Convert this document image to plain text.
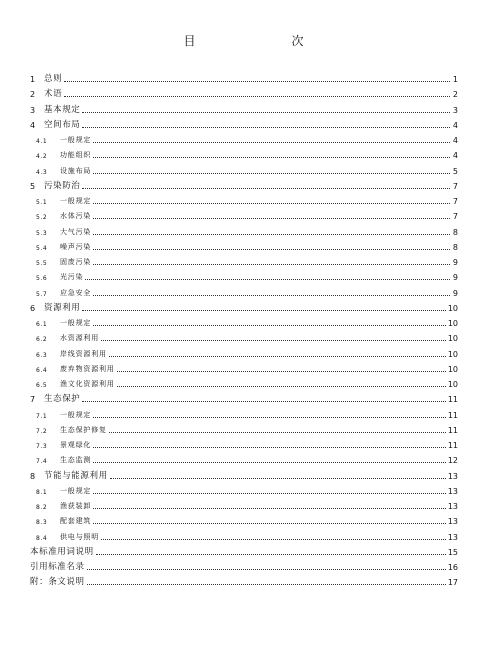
目　　次
1	总则	1
2	术语	2
3	基本规定	3
4	空间布局	4
4.1	一般规定	4
4.2	功能组织	4
4.3	设施布局	5
5	污染防治	7
5.1	一般规定	7
5.2	水体污染	7
5.3	大气污染	8
5.4	噪声污染	8
5.5	固废污染	9
5.6	光污染	9
5.7	应急安全	9
6	资源利用	10
6.1	一般规定	10
6.2	水资源利用	10
6.3	岸线资源利用	10
6.4	废弃物资源利用	10
6.5	渔文化资源利用	10
7	生态保护	11
7.1	一般规定	11
7.2	生态保护修复	11
7.3	景观绿化	11
7.4	生态监测	12
8	节能与能源利用	13
8.1	一般规定	13
8.2	渔获装卸	13
8.3	配套建筑	13
8.4	供电与照明	13
本标准用词说明	15
引用标准名录	16
附：条文说明	17
